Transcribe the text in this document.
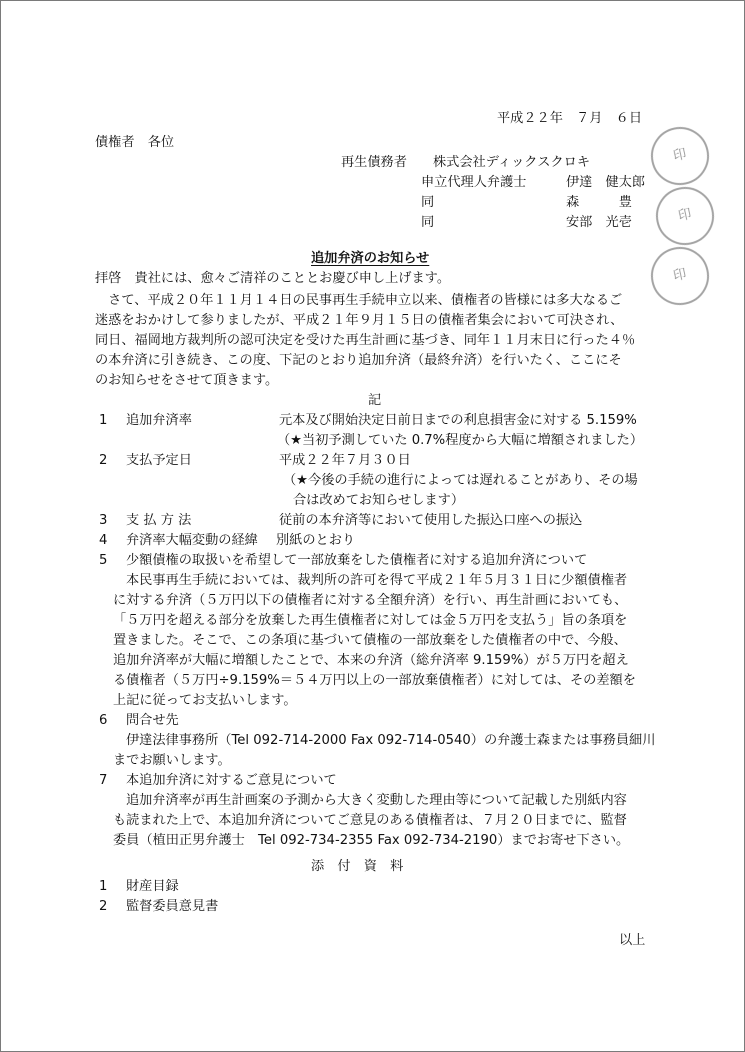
印
印
印
平成２２年　７月　６日
債権者　各位
再生債務者 株式会社ディックスクロキ
申立代理人弁護士	伊達　健太郎
同	森　　　豊
同	安部　光壱
追加弁済のお知らせ
拝啓　貴社には、愈々ご清祥のこととお慶び申し上げます。
　さて、平成２０年１１月１４日の民事再生手続申立以来、債権者の皆様には多大なるご
迷惑をおかけして参りましたが、平成２１年９月１５日の債権者集会において可決され、
同日、福岡地方裁判所の認可決定を受けた再生計画に基づき、同年１１月末日に行った４％
の本弁済に引き続き、この度、下記のとおり追加弁済（最終弁済）を行いたく、ここにそ
のお知らせをさせて頂きます。
記
1 追加弁済率	元本及び開始決定日前日までの利息損害金に対する 5.159%
（★当初予測していた 0.7%程度から大幅に増額されました）
2 支払予定日	平成２２年７月３０日
（★今後の手続の進行によっては遅れることがあり、その場
合は改めてお知らせします）
3 支 払 方 法	従前の本弁済等において使用した振込口座への振込
4 弁済率大幅変動の経緯 別紙のとおり
5 少額債権の取扱いを希望して一部放棄をした債権者に対する追加弁済について
本民事再生手続においては、裁判所の許可を得て平成２１年５月３１日に少額債権者
に対する弁済（５万円以下の債権者に対する全額弁済）を行い、再生計画においても、
「５万円を超える部分を放棄した再生債権者に対しては金５万円を支払う」旨の条項を
置きました。そこで、この条項に基づいて債権の一部放棄をした債権者の中で、今般、
追加弁済率が大幅に増額したことで、本来の弁済（総弁済率 9.159%）が５万円を超え
る債権者（５万円÷9.159%＝５４万円以上の一部放棄債権者）に対しては、その差額を
上記に従ってお支払いします。
6 問合せ先
伊達法律事務所（Tel 092-714-2000 Fax 092-714-0540）の弁護士森または事務員細川
までお願いします。
7 本追加弁済に対するご意見について
追加弁済率が再生計画案の予測から大きく変動した理由等について記載した別紙内容
も読まれた上で、本追加弁済についてご意見のある債権者は、７月２０日までに、監督
委員（植田正男弁護士　Tel 092-734-2355 Fax 092-734-2190）までお寄せ下さい。
添　付　資　料
1 財産目録
2 監督委員意見書
以上
